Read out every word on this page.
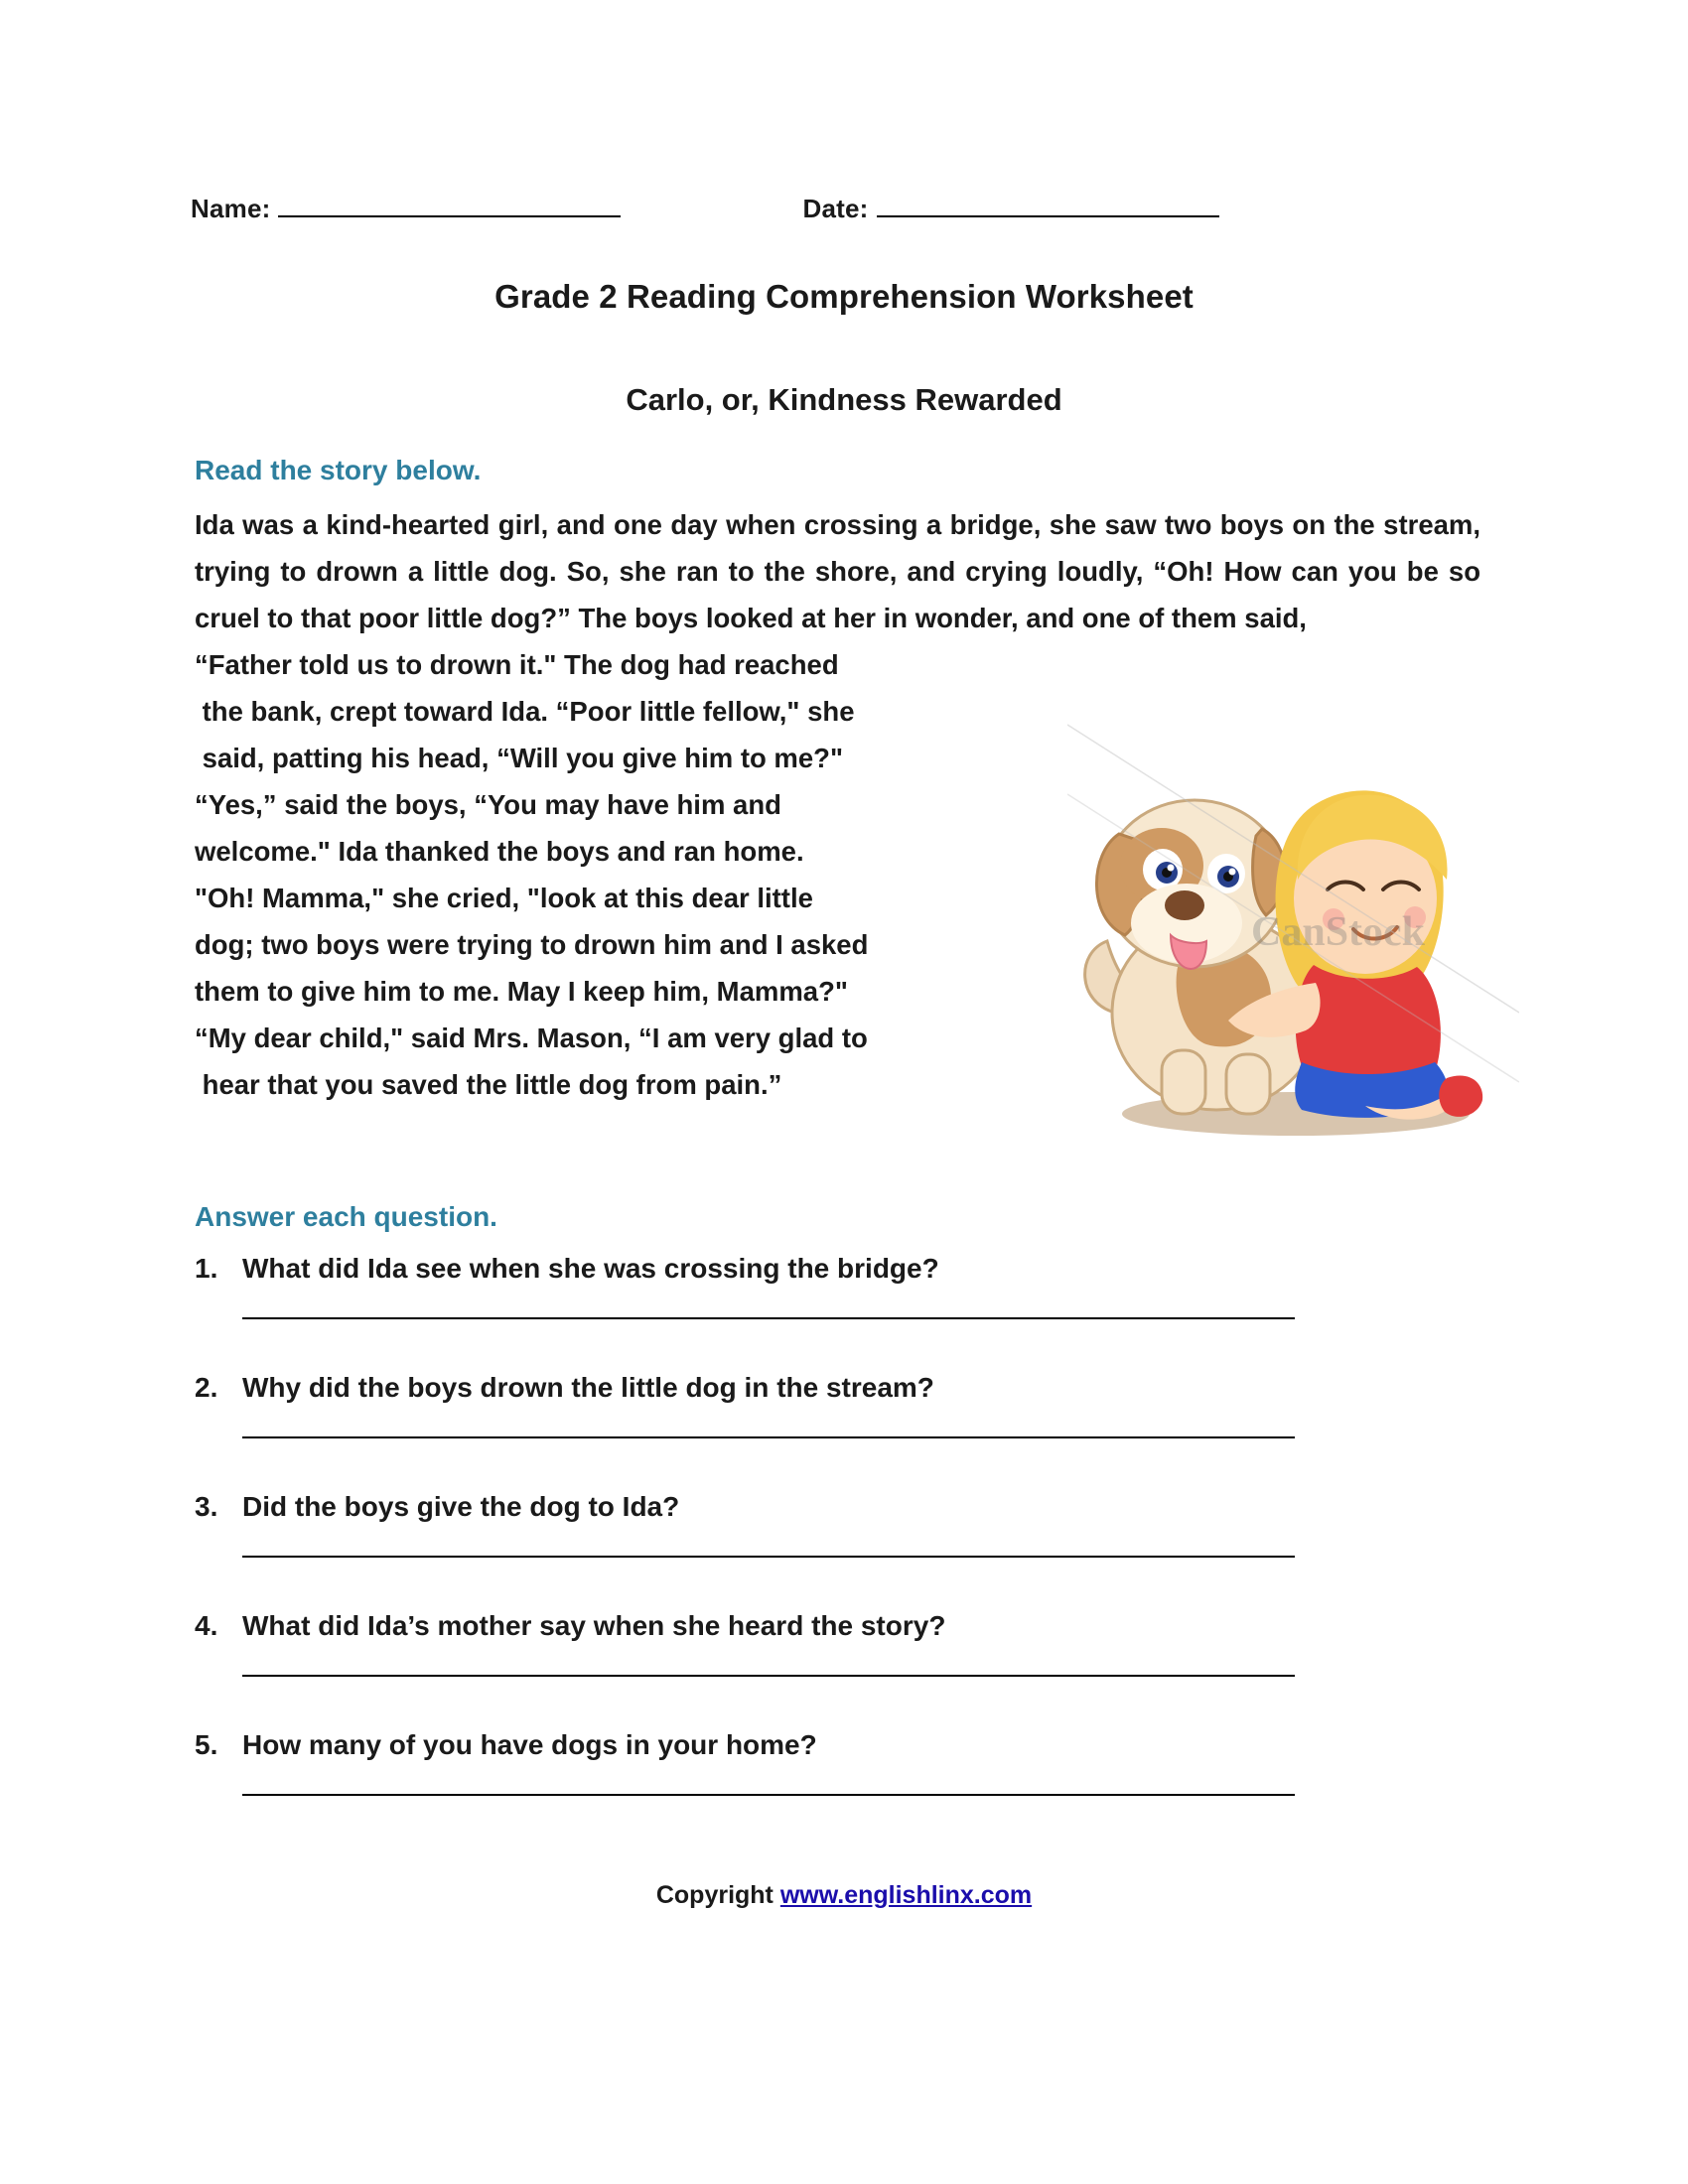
Name:	Date:
Grade 2 Reading Comprehension Worksheet
Carlo, or, Kindness Rewarded
Read the story below.

Ida was a kind-hearted girl, and one day when crossing a bridge, she saw two boys on the stream, trying to drown a little dog. So, she ran to the shore, and crying loudly, “Oh! How can you be so cruel to that poor little dog?” The boys looked at her in wonder, and one of them said,

“Father told us to drown it." The dog had reached

the bank, crept toward Ida. “Poor little fellow," she

said, patting his head, “Will you give him to me?"

“Yes,” said the boys, “You may have him and

welcome." Ida thanked the boys and ran home.

"Oh! Mamma," she cried, "look at this dear little

dog; two boys were trying to drown him and I asked

them to give him to me. May I keep him, Mamma?"

“My dear child," said Mrs. Mason, “I am very glad to

hear that you saved the little dog from pain.”

CanStock
Answer each question.
1. What did Ida see when she was crossing the bridge?
2. Why did the boys drown the little dog in the stream?
3. Did the boys give the dog to Ida?
4. What did Ida’s mother say when she heard the story?
5. How many of you have dogs in your home?
Copyright www.englishlinx.com
